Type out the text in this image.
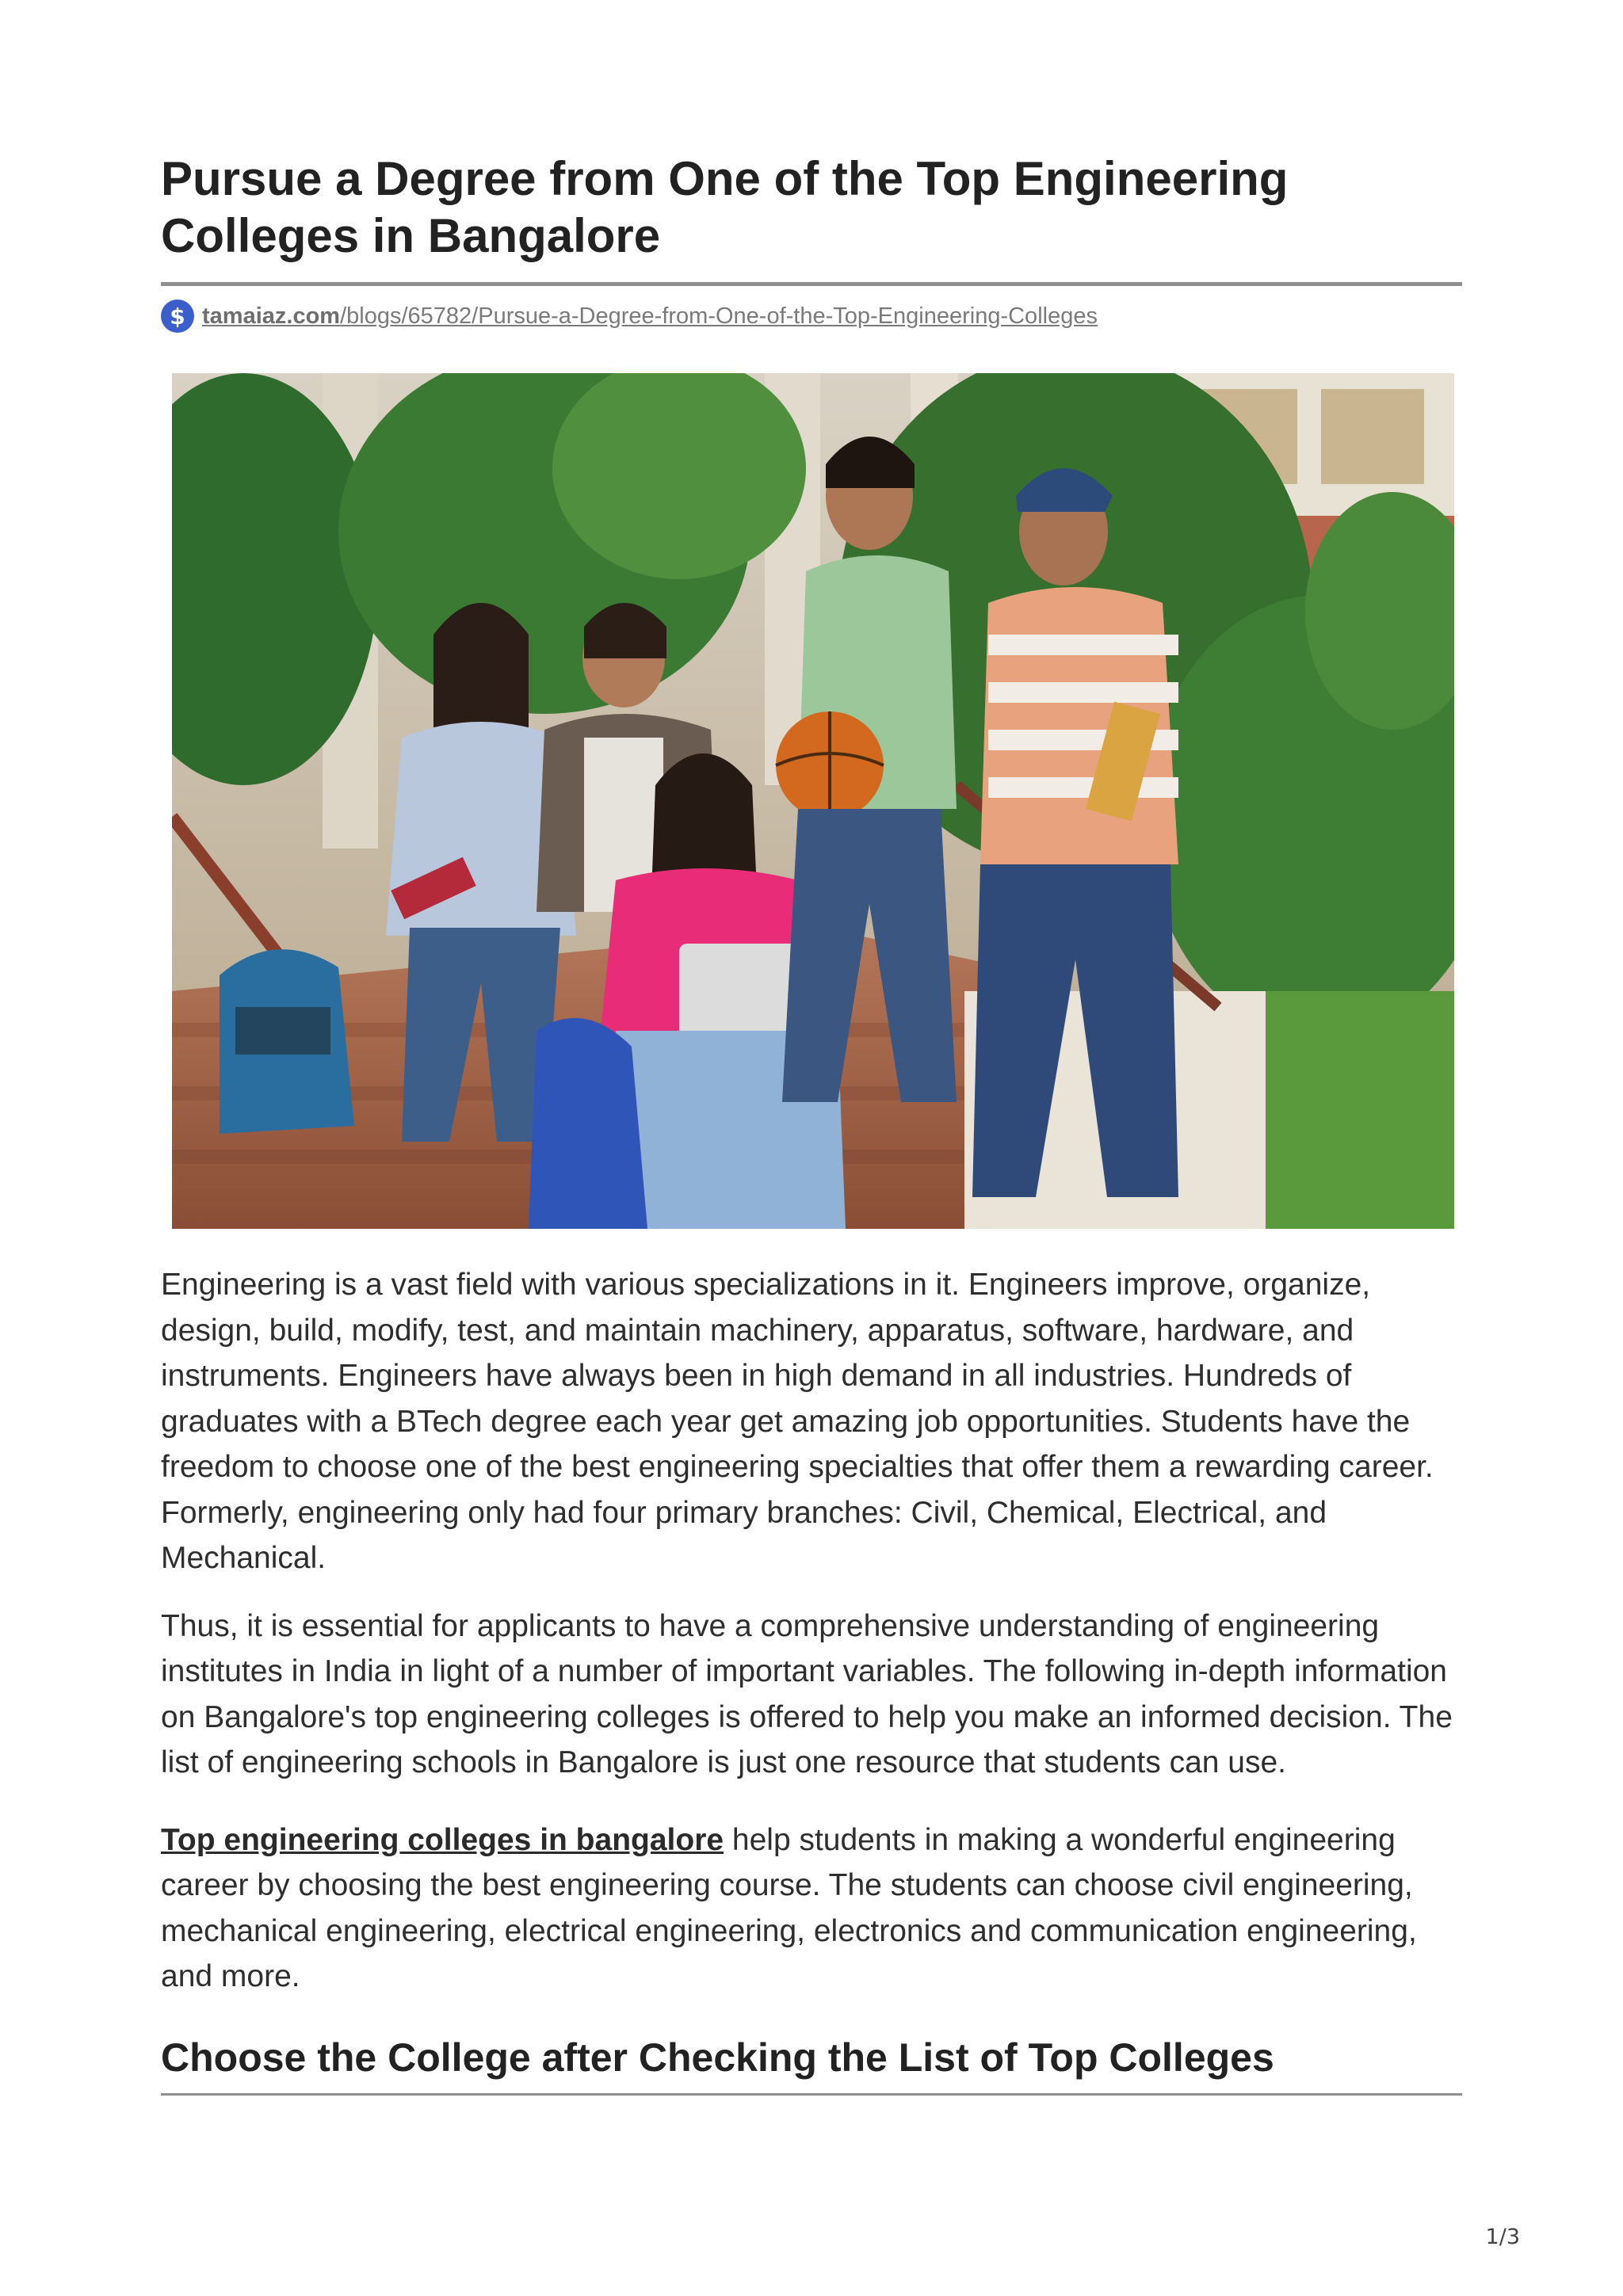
Pursue a Degree from One of the Top Engineering Colleges in Bangalore
$ tamaiaz.com/blogs/65782/Pursue-a-Degree-from-One-of-the-Top-Engineering-Colleges

Engineering is a vast field with various specializations in it. Engineers improve, organize, design, build, modify, test, and maintain machinery, apparatus, software, hardware, and instruments. Engineers have always been in high demand in all industries. Hundreds of graduates with a BTech degree each year get amazing job opportunities. Students have the freedom to choose one of the best engineering specialties that offer them a rewarding career. Formerly, engineering only had four primary branches: Civil, Chemical, Electrical, and Mechanical.

Thus, it is essential for applicants to have a comprehensive understanding of engineering institutes in India in light of a number of important variables. The following in-depth information on Bangalore's top engineering colleges is offered to help you make an informed decision. The list of engineering schools in Bangalore is just one resource that students can use.

Top engineering colleges in bangalore help students in making a wonderful engineering career by choosing the best engineering course. The students can choose civil engineering, mechanical engineering, electrical engineering, electronics and communication engineering, and more.

Choose the College after Checking the List of Top Colleges
1/3
